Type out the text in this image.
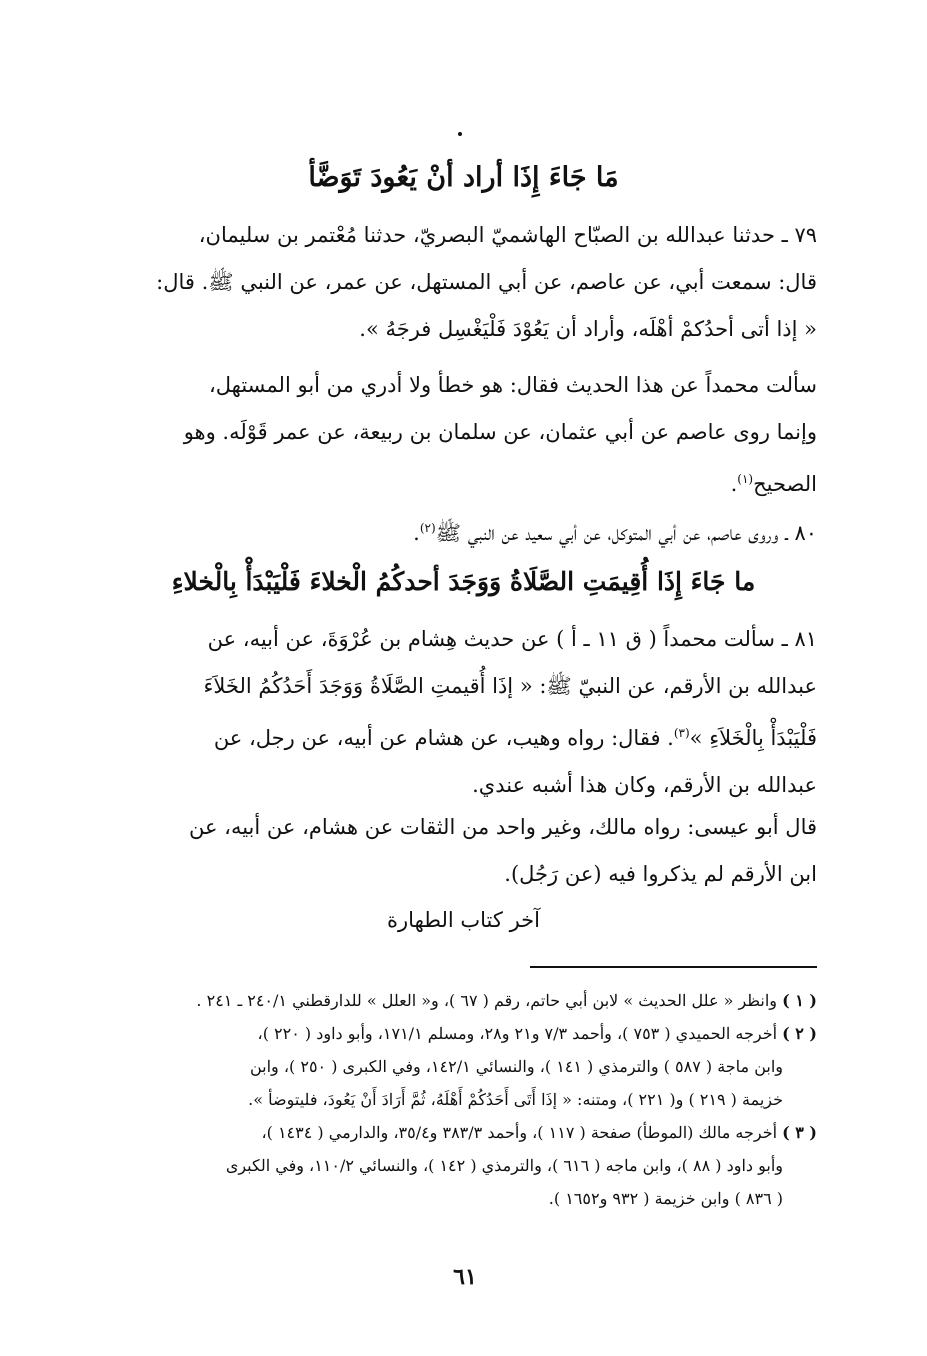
مَا جَاءَ إِذَا أراد أنْ يَعُودَ تَوَضَّأ
٧٩ ـ حدثنا عبدالله بن الصبّاح الهاشميّ البصريّ، حدثنا مُعْتمر بن سليمان،
قال: سمعت أبي، عن عاصم، عن أبي المستهل، عن عمر، عن النبي ﷺ. قال:
« إذا أتى أحدُكمْ أهْلَه، وأراد أن يَعُوْدَ فَلْيَغْسِل فرجَهُ ».
سألت محمداً عن هذا الحديث فقال: هو خطأ ولا أدري من أبو المستهل،
وإنما روى عاصم عن أبي عثمان، عن سلمان بن ربيعة، عن عمر قَوْلَه. وهو
الصحيح$^{(١)}$.
٨٠ ـ وروى عاصم، عن أبي المتوكل، عن أبي سعيد عن النبي ﷺ$^{(٢)}$.
ما جَاءَ إِذَا أُقِيمَتِ الصَّلَاةُ وَوَجَدَ أحدكُمُ الْخلاءَ فَلْيَبْدَأْ بِالْخلاءِ
٨١ ـ سألت محمداً ( ق ١١ ـ أ ) عن حديث هِشام بن عُرْوَةَ، عن أبيه، عن
عبدالله بن الأرقم، عن النبيّ ﷺ: « إذَا أُقيمتِ الصَّلَاةُ وَوَجَدَ أَحَدُكُمُ الخَلاَءَ
فَلْيَبْدَأْ بِالْخَلاَءِ »$^{(٣)}$. فقال: رواه وهيب، عن هشام عن أبيه، عن رجل، عن
عبدالله بن الأرقم، وكان هذا أشبه عندي.
قال أبو عيسى: رواه مالك، وغير واحد من الثقات عن هشام، عن أبيه، عن
ابن الأرقم لم يذكروا فيه (عن رَجُل).
آخر كتاب الطهارة
( ١ ) وانظر « علل الحديث » لابن أبي حاتم، رقم ( ٦٧ )، و« العلل » للدارقطني ٢٤٠/١ ـ ٢٤١ .
( ٢ ) أخرجه الحميدي ( ٧٥٣ )، وأحمد ٧/٣ و٢١ و٢٨، ومسلم ١٧١/١، وأبو داود ( ٢٢٠ )،
وابن ماجة ( ٥٨٧ ) والترمذي ( ١٤١ )، والنسائي ١٤٢/١، وفي الكبرى ( ٢٥٠ )، وابن
خزيمة ( ٢١٩ ) و( ٢٢١ )، ومتنه: « إذَا أَتَى أَحَدُكُمْ أَهْلَهُ، ثُمَّ أَرَادَ أَنْ يَعُودَ، فليتوضأ ».
( ٣ ) أخرجه مالك (الموطأ) صفحة ( ١١٧ )، وأحمد ٣٨٣/٣ و٣٥/٤، والدارمي ( ١٤٣٤ )،
وأبو داود ( ٨٨ )، وابن ماجه ( ٦١٦ )، والترمذي ( ١٤٢ )، والنسائي ١١٠/٢، وفي الكبرى
( ٨٣٦ ) وابن خزيمة ( ٩٣٢ و١٦٥٢ ).
٦١
